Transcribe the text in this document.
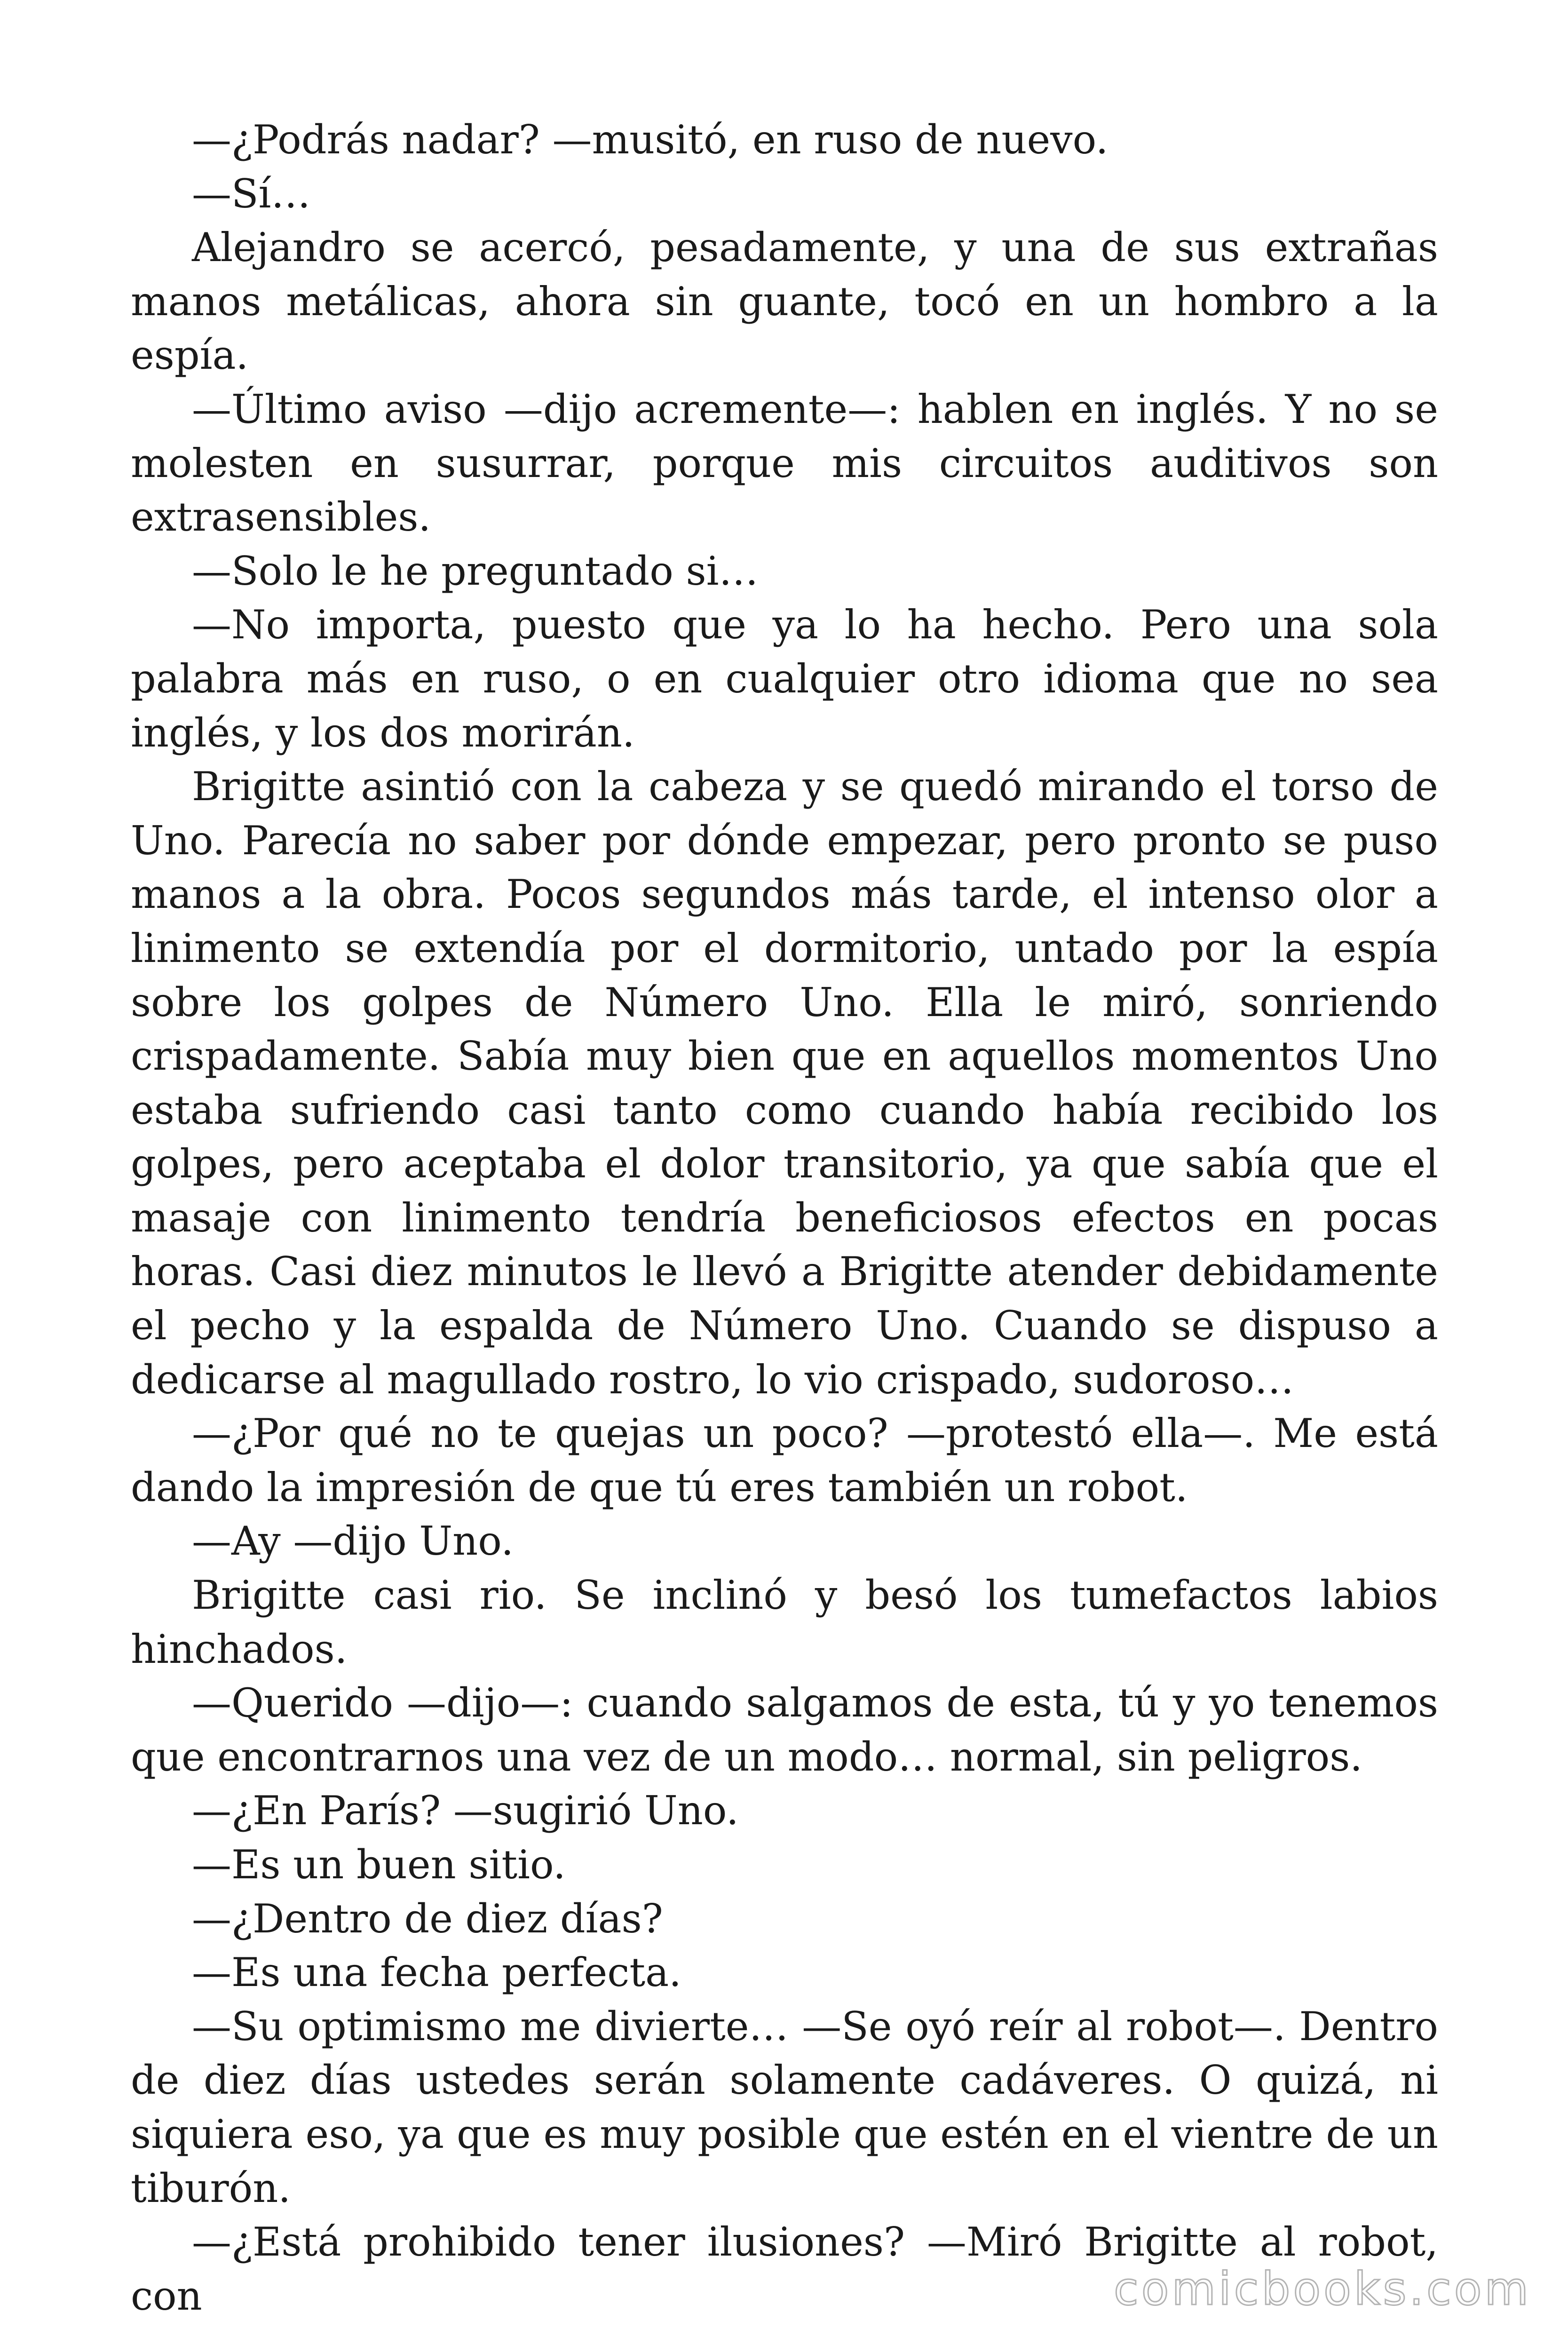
—¿Podrás nadar? —musitó, en ruso de nuevo.

—Sí…

Alejandro se acercó, pesadamente, y una de sus extrañas manos metálicas, ahora sin guante, tocó en un hombro a la espía.

—Último aviso —dijo acremente—: hablen en inglés. Y no se molesten en susurrar, porque mis circuitos auditivos son extrasensibles.

—Solo le he preguntado si…

—No importa, puesto que ya lo ha hecho. Pero una sola palabra más en ruso, o en cualquier otro idioma que no sea inglés, y los dos morirán.

Brigitte asintió con la cabeza y se quedó mirando el torso de Uno. Parecía no saber por dónde empezar, pero pronto se puso manos a la obra. Pocos segundos más tarde, el intenso olor a linimento se extendía por el dormitorio, untado por la espía sobre los golpes de Número Uno. Ella le miró, sonriendo crispadamente. Sabía muy bien que en aquellos momentos Uno estaba sufriendo casi tanto como cuando había recibido los golpes, pero aceptaba el dolor transitorio, ya que sabía que el masaje con linimento tendría beneficiosos efectos en pocas horas. Casi diez minutos le llevó a Brigitte atender debidamente el pecho y la espalda de Número Uno. Cuando se dispuso a dedicarse al magullado rostro, lo vio crispado, sudoroso…

—¿Por qué no te quejas un poco? —protestó ella—. Me está dando la impresión de que tú eres también un robot.

—Ay —dijo Uno.

Brigitte casi rio. Se inclinó y besó los tumefactos labios hinchados.

—Querido —dijo—: cuando salgamos de esta, tú y yo tenemos que encontrarnos una vez de un modo… normal, sin peligros.

—¿En París? —sugirió Uno.

—Es un buen sitio.

—¿Dentro de diez días?

—Es una fecha perfecta.

—Su optimismo me divierte… —Se oyó reír al robot—. Dentro de diez días ustedes serán solamente cadáveres. O quizá, ni siquiera eso, ya que es muy posible que estén en el vientre de un tiburón.

—¿Está prohibido tener ilusiones? —Miró Brigitte al robot, con	comicbooks.com
